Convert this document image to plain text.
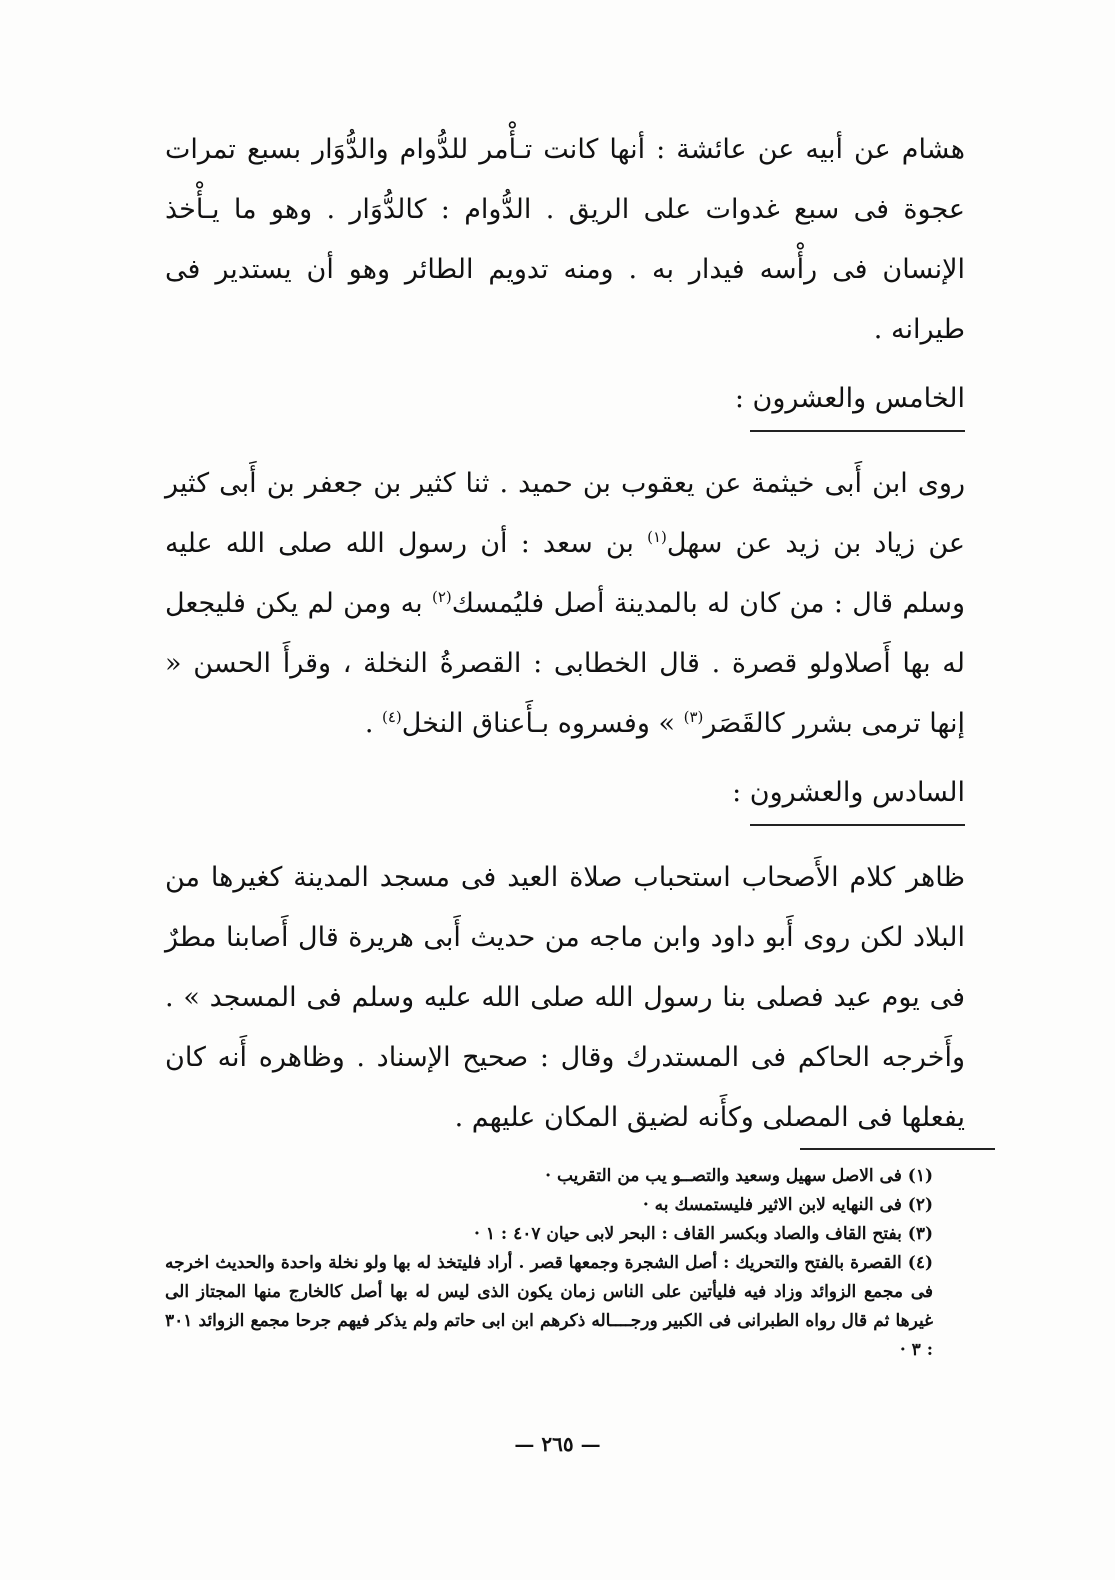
هشام عن أبيه عن عائشة : أنها كانت تـأْمر للدُّوام والدُّوَار بسبع تمرات عجوة فى سبع غدوات على الريق . الدُّوام : كالدُّوَار . وهو ما يـأْخذ الإنسان فى رأْسه فيدار به . ومنه تدويم الطائر وهو أن يستدير فى طيرانه .

الخامس والعشرون :

روى ابن أَبى خيثمة عن يعقوب بن حميد . ثنا كثير بن جعفر بن أَبى كثير عن زياد بن زيد عن سهل$^{(١)}$ بن سعد : أن رسول الله صلى الله عليه وسلم قال : من كان له بالمدينة أصل فليُمسك$^{(٢)}$ به ومن لم يكن فليجعل له بها أَصلاولو قصرة . قال الخطابى : القصرةُ النخلة ، وقرأَ الحسن « إنها ترمى بشرر كالقَصَر$^{(٣)}$ » وفسروه بـأَعناق النخل$^{(٤)}$ .

السادس والعشرون :

ظاهر كلام الأَصحاب استحباب صلاة العيد فى مسجد المدينة كغيرها من البلاد لكن روى أَبو داود وابن ماجه من حديث أَبى هريرة قال أَصابنا مطرٌ فى يوم عيد فصلى بنا رسول الله صلى الله عليه وسلم فى المسجد » . وأَخرجه الحاكم فى المستدرك وقال : صحيح الإسناد . وظاهره أَنه كان يفعلها فى المصلى وكأَنه لضيق المكان عليهم .

(١) فى الاصل سهيل وسعيد والتصــو يب من التقريب ·

(٢) فى النهايه لابن الاثير فليستمسك به ·

(٣) بفتح القاف والصاد وبكسر القاف : البحر لابى حيان ٤٠٧ : ١ ·

(٤) القصرة بالفتح والتحريك : أصل الشجرة وجمعها قصر . أراد فليتخذ له بها ولو نخلة واحدة والحديث اخرجه فى مجمع الزوائد وزاد فيه فليأتين على الناس زمان يكون الذى ليس له بها أصل كالخارج منها المجتاز الى غيرها ثم قال رواه الطبرانى فى الكبير ورجــــاله ذكرهم ابن ابى حاتم ولم يذكر فيهم جرحا مجمع الزوائد ٣٠١ : ٣ ·

— ٢٦٥ —
